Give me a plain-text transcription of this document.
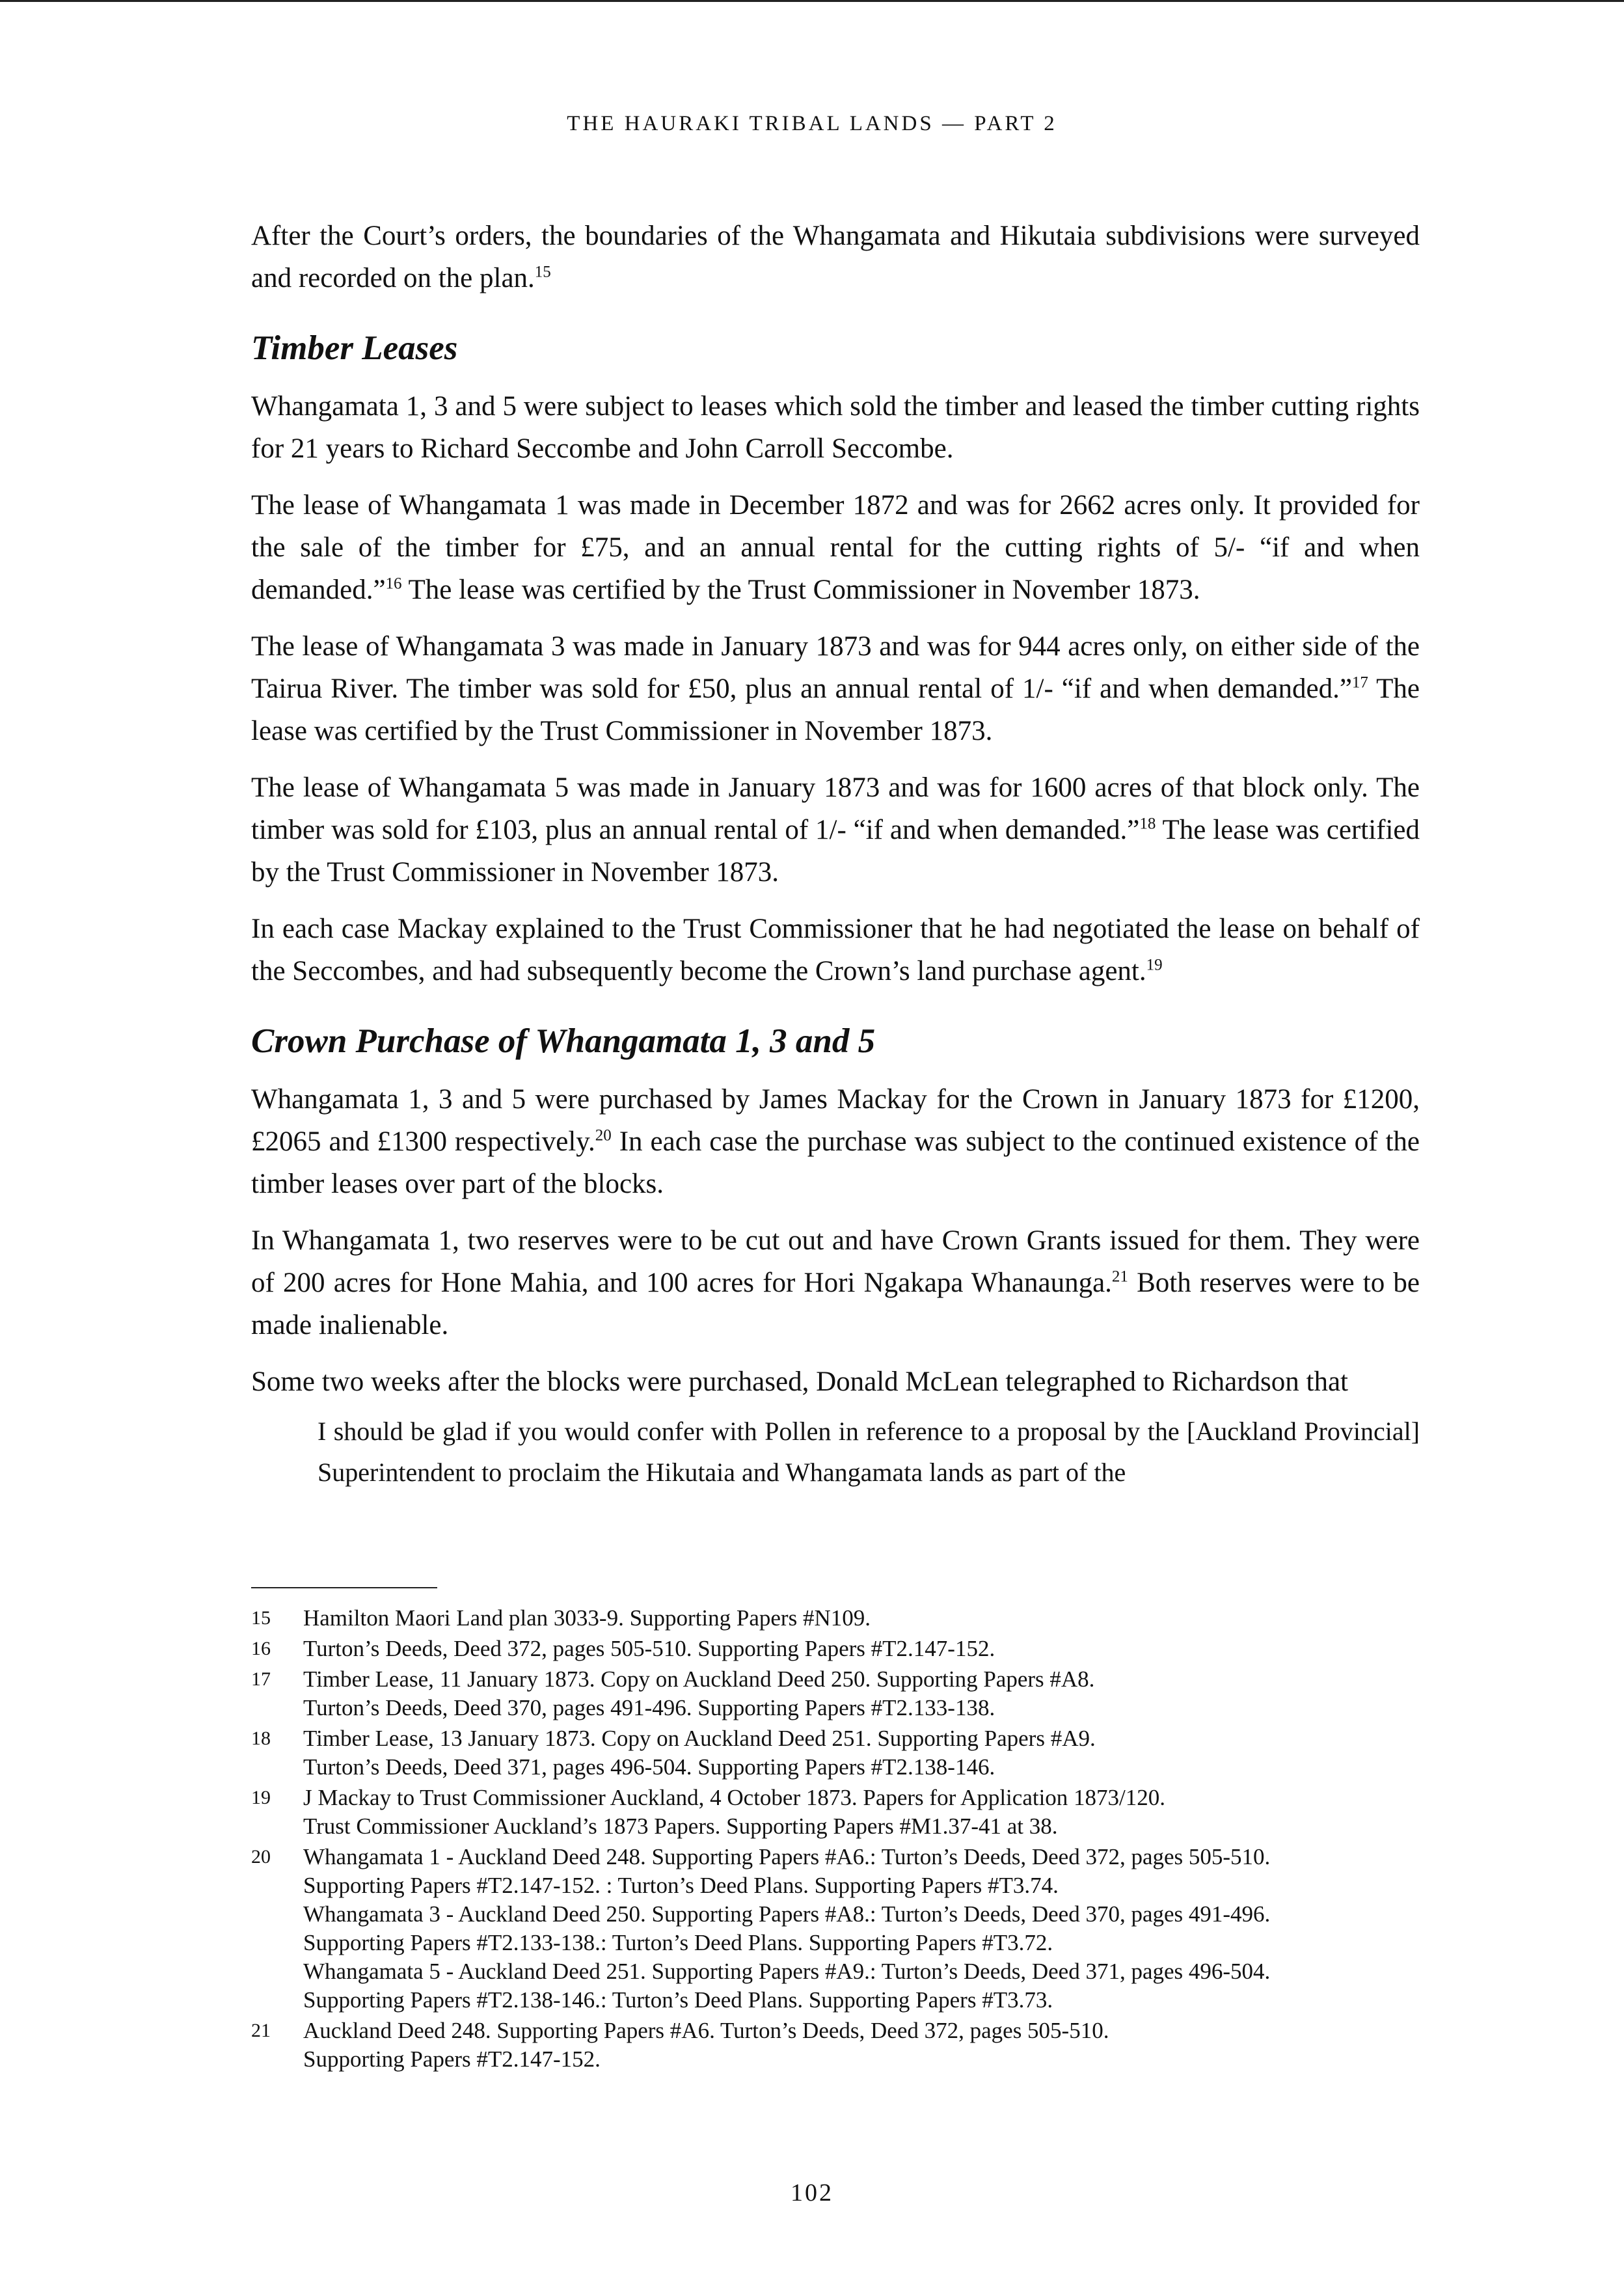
THE HAURAKI TRIBAL LANDS — PART 2

After the Court’s orders, the boundaries of the Whangamata and Hikutaia subdivisions were surveyed and recorded on the plan.$^{15}$

Timber Leases

Whangamata 1, 3 and 5 were subject to leases which sold the timber and leased the timber cutting rights for 21 years to Richard Seccombe and John Carroll Seccombe.

The lease of Whangamata 1 was made in December 1872 and was for 2662 acres only. It provided for the sale of the timber for £75, and an annual rental for the cutting rights of 5/- “if and when demanded.”$^{16}$ The lease was certified by the Trust Commissioner in November 1873.

The lease of Whangamata 3 was made in January 1873 and was for 944 acres only, on either side of the Tairua River. The timber was sold for £50, plus an annual rental of 1/- “if and when demanded.”$^{17}$ The lease was certified by the Trust Commissioner in November 1873.

The lease of Whangamata 5 was made in January 1873 and was for 1600 acres of that block only. The timber was sold for £103, plus an annual rental of 1/- “if and when demanded.”$^{18}$ The lease was certified by the Trust Commissioner in November 1873.

In each case Mackay explained to the Trust Commissioner that he had negotiated the lease on behalf of the Seccombes, and had subsequently become the Crown’s land purchase agent.$^{19}$

Crown Purchase of Whangamata 1, 3 and 5

Whangamata 1, 3 and 5 were purchased by James Mackay for the Crown in January 1873 for £1200, £2065 and £1300 respectively.$^{20}$ In each case the purchase was subject to the continued existence of the timber leases over part of the blocks.

In Whangamata 1, two reserves were to be cut out and have Crown Grants issued for them. They were of 200 acres for Hone Mahia, and 100 acres for Hori Ngakapa Whanaunga.$^{21}$ Both reserves were to be made inalienable.

Some two weeks after the blocks were purchased, Donald McLean telegraphed to Richardson that

I should be glad if you would confer with Pollen in reference to a proposal by the [Auckland Provincial] Superintendent to proclaim the Hikutaia and Whangamata lands as part of the

15 Hamilton Maori Land plan 3033-9. Supporting Papers #N109.
16 Turton’s Deeds, Deed 372, pages 505-510. Supporting Papers #T2.147-152.
17 Timber Lease, 11 January 1873. Copy on Auckland Deed 250. Supporting Papers #A8.
Turton’s Deeds, Deed 370, pages 491-496. Supporting Papers #T2.133-138.
18 Timber Lease, 13 January 1873. Copy on Auckland Deed 251. Supporting Papers #A9.
Turton’s Deeds, Deed 371, pages 496-504. Supporting Papers #T2.138-146.
19 J Mackay to Trust Commissioner Auckland, 4 October 1873. Papers for Application 1873/120.
Trust Commissioner Auckland’s 1873 Papers. Supporting Papers #M1.37-41 at 38.
20 Whangamata 1 - Auckland Deed 248. Supporting Papers #A6.: Turton’s Deeds, Deed 372, pages 505-510.
Supporting Papers #T2.147-152. : Turton’s Deed Plans. Supporting Papers #T3.74.
Whangamata 3 - Auckland Deed 250. Supporting Papers #A8.: Turton’s Deeds, Deed 370, pages 491-496.
Supporting Papers #T2.133-138.: Turton’s Deed Plans. Supporting Papers #T3.72.
Whangamata 5 - Auckland Deed 251. Supporting Papers #A9.: Turton’s Deeds, Deed 371, pages 496-504.
Supporting Papers #T2.138-146.: Turton’s Deed Plans. Supporting Papers #T3.73.
21 Auckland Deed 248. Supporting Papers #A6. Turton’s Deeds, Deed 372, pages 505-510.
Supporting Papers #T2.147-152.
102
